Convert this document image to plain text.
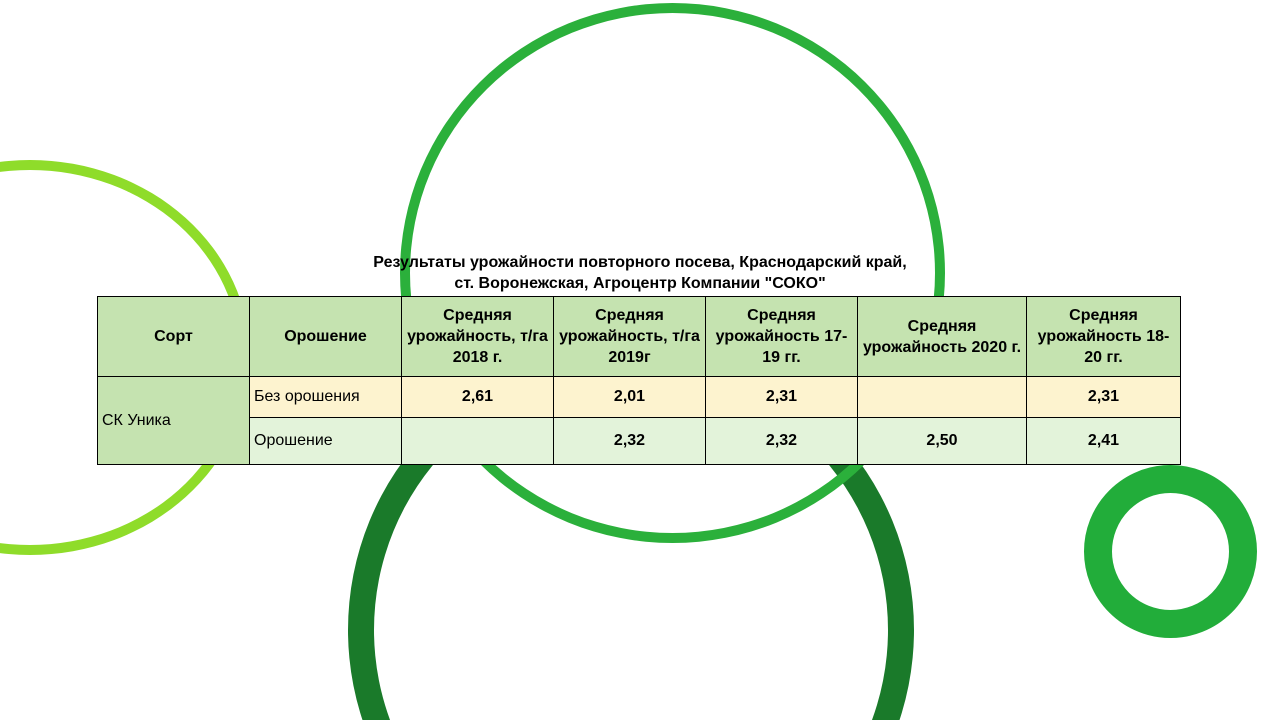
Результаты урожайности повторного посева, Краснодарский край,
ст. Воронежская, Агроцентр Компании "СОКО"
Сорт	Орошение	Средняя урожайность, т/га 2018 г.	Средняя урожайность, т/га 2019г	Средняя урожайность 17-19 гг.	Средняя урожайность 2020 г.	Средняя урожайность 18-20 гг.
СК Уника	Без орошения	2,61	2,01	2,31		2,31
	Орошение		2,32	2,32	2,50	2,41
